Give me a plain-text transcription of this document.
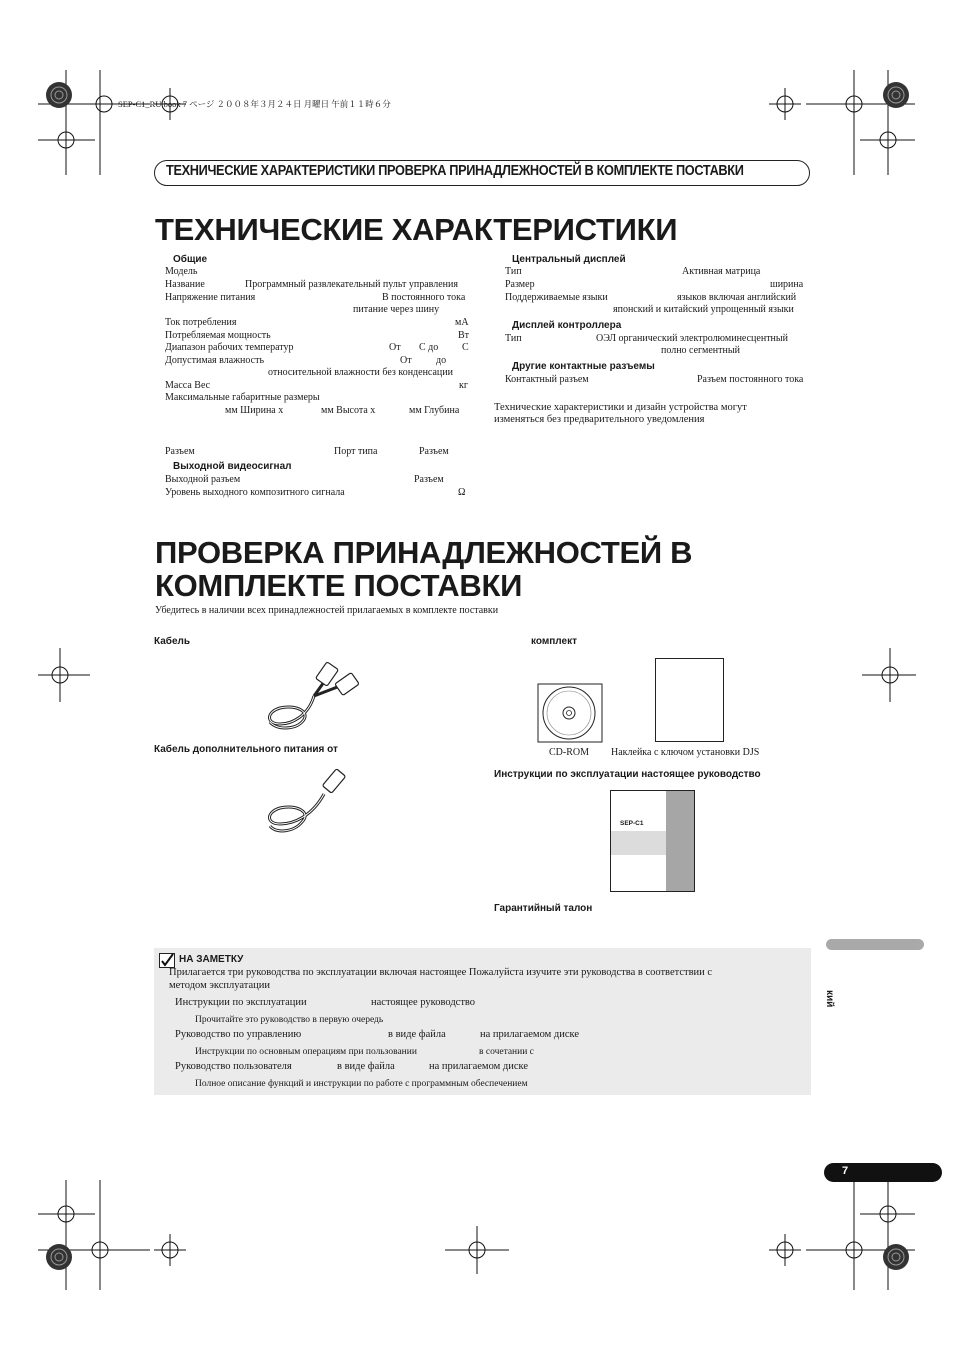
SEP-C1_RU.book 7 ページ ２００８年３月２４日 月曜日 午前１１時６分
ТЕХНИЧЕСКИЕ ХАРАКТЕРИСТИКИ ПРОВЕРКА ПРИНАДЛЕЖНОСТЕЙ В КОМПЛЕКТЕ ПОСТАВКИ
ТЕХНИЧЕСКИЕ ХАРАКТЕРИСТИКИ
Общие
Модель
Название	Программный развлекательный пульт управления
Напряжение питания	В постоянного тока
питание через шину
Ток потребления	мА
Потребляемая мощность	Вт
Диапазон рабочих температур	От С до С
Допустимая влажность	От до
относительной влажности без конденсации
Масса Вес	кг
Максимальные габаритные размеры
мм Ширина х	мм Высота х	мм Глубина
Разъем	Порт типа	Разъем
Выходной видеосигнал
Выходной разъем	Разъем
Уровень выходного композитного сигнала	Ω
Центральный дисплей
Тип	Активная матрица
Размер	ширина
Поддерживаемые языки	языков включая английский
японский и китайский упрощенный языки
Дисплей контроллера
Тип	ОЭЛ органический электролюминесцентный
полно сегментный
Другие контактные разъемы
Контактный разъем	Разъем постоянного тока
Технические характеристики и дизайн устройства могут
изменяться без предварительного уведомления
ПРОВЕРКА ПРИНАДЛЕЖНОСТЕЙ В
КОМПЛЕКТЕ ПОСТАВКИ
Убедитесь в наличии всех принадлежностей прилагаемых в комплекте поставки
Кабель
Кабель дополнительного питания от
комплект
CD-ROM Наклейка с ключом установки DJS
Инструкции по эксплуатации настоящее руководство
SEP-C1
Гарантийный талон
НА ЗАМЕТКУ
Прилагается три руководства по эксплуатации включая настоящее Пожалуйста изучите эти руководства в соответствии с
методом эксплуатации
Инструкции по эксплуатации	настоящее руководство
Прочитайте это руководство в первую очередь
Руководство по управлению	в виде файла	на прилагаемом диске
Инструкции по основным операциям при пользовании	в сочетании с
Руководство пользователя	в виде файла	на прилагаемом диске
Полное описание функций и инструкции по работе с программным обеспечением
кий
7
